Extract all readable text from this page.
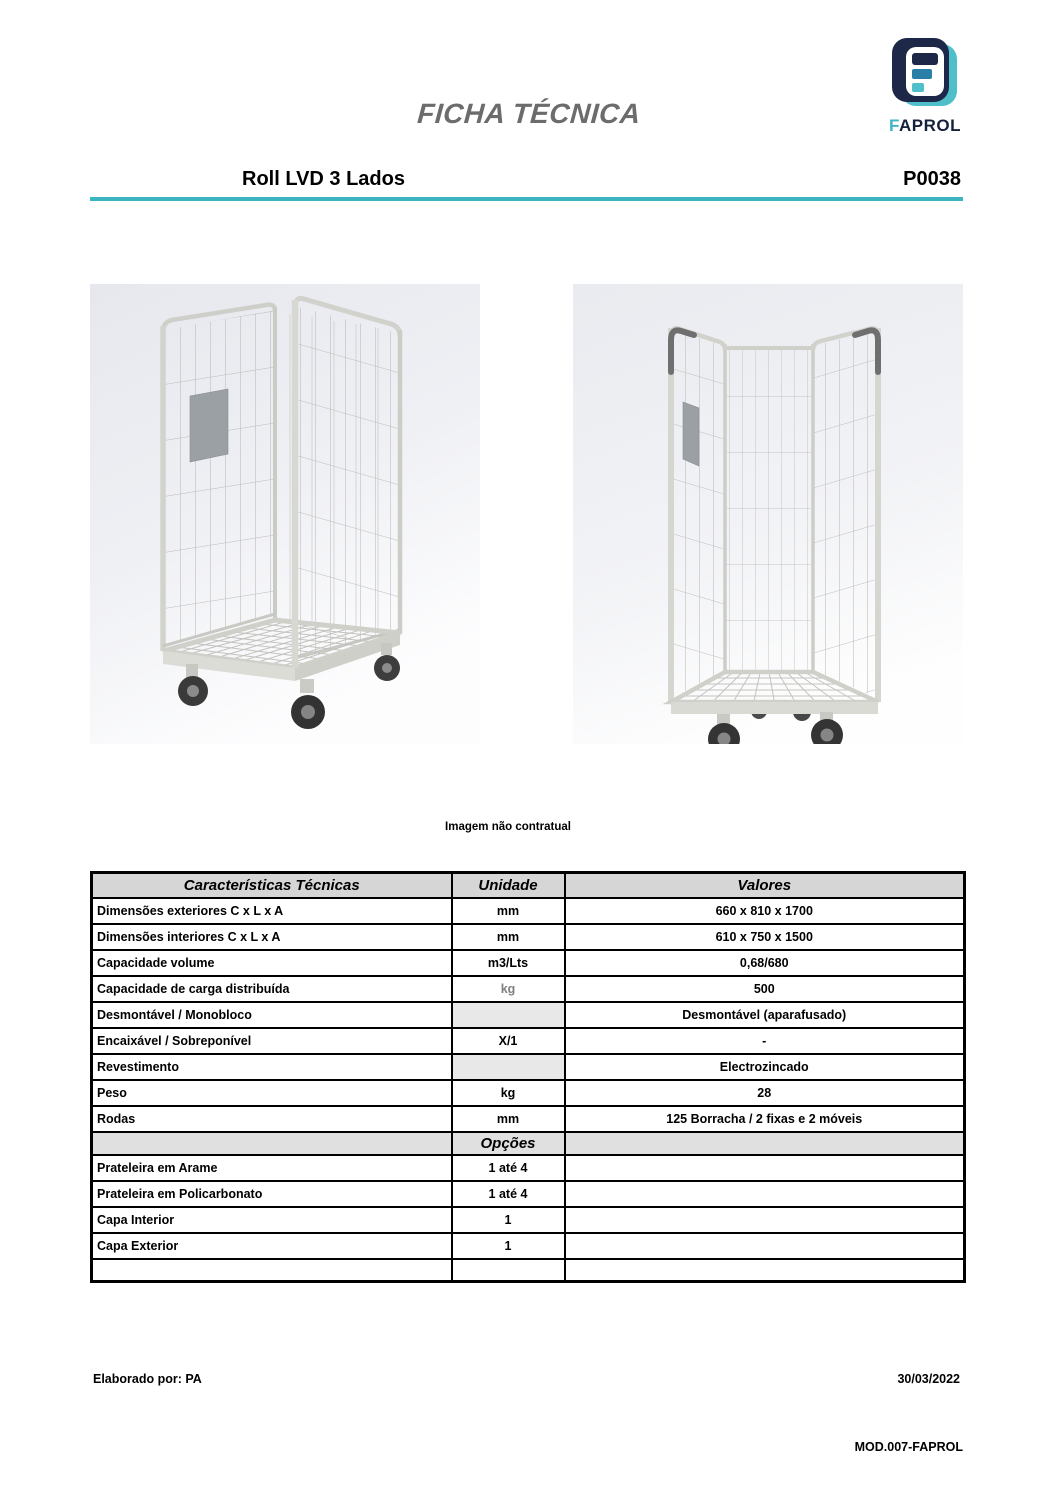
FICHA TÉCNICA	FAPROL
Roll LVD 3 Lados	P0038
Imagem não contratual
Características Técnicas	Unidade	Valores
Dimensões exteriores C x L x A	mm	660 x 810 x 1700
Dimensões interiores C x L x A	mm	610 x 750 x 1500
Capacidade volume	m3/Lts	0,68/680
Capacidade de carga distribuída	kg	500
Desmontável / Monobloco		Desmontável (aparafusado)
Encaixável / Sobreponível	X/1	-
Revestimento		Electrozincado
Peso	kg	28
Rodas	mm	125 Borracha / 2 fixas e 2 móveis
	Opções	
Prateleira em Arame	1 até 4	
Prateleira em Policarbonato	1 até 4	
Capa Interior	1	
Capa Exterior	1	

Elaborado por: PA	30/03/2022
MOD.007-FAPROL
